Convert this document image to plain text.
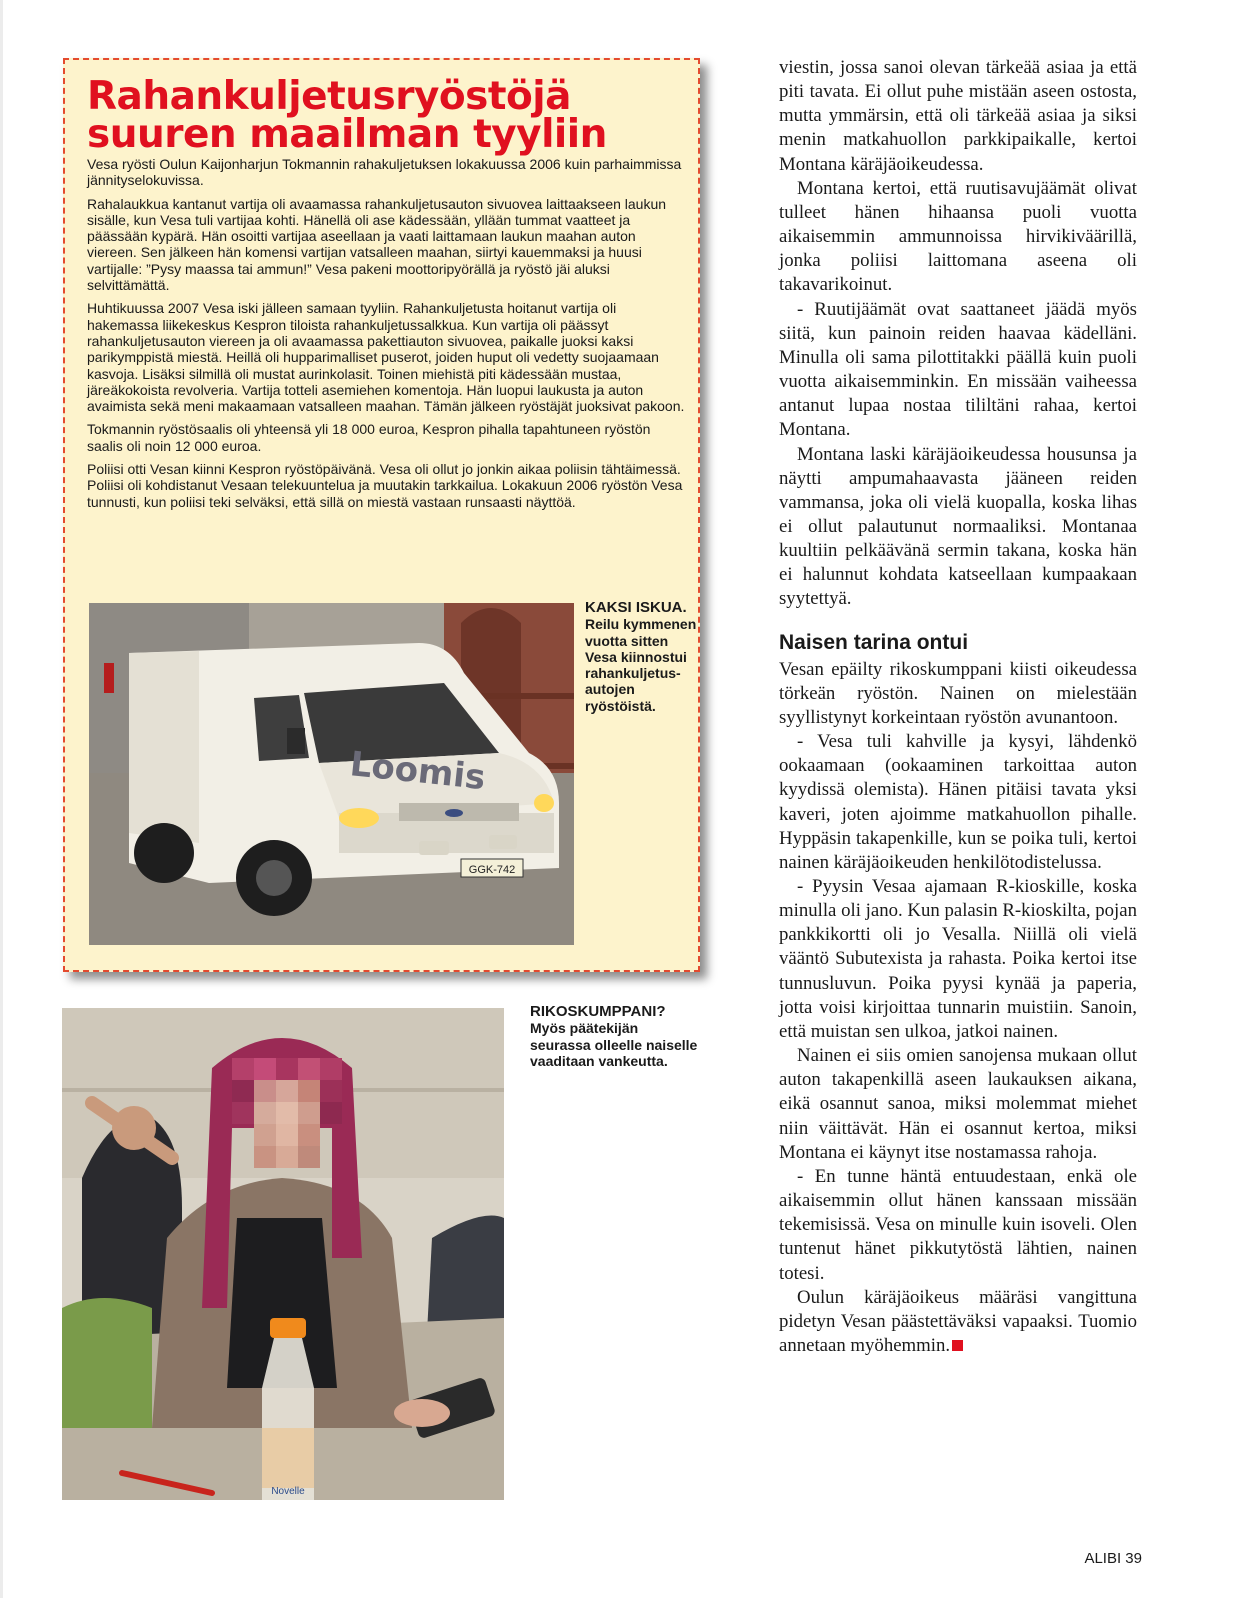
Rahankuljetusryöstöjä suuren maailman tyyliin

Vesa ryösti Oulun Kaijonharjun Tokmannin rahakuljetuksen lokakuussa 2006 kuin parhaimmissa jännityselokuvissa.

Rahalaukkua kantanut vartija oli avaamassa rahankuljetusauton sivuovea laittaakseen laukun sisälle, kun Vesa tuli vartijaa kohti. Hänellä oli ase kädessään, yllään tummat vaatteet ja päässään kypärä. Hän osoitti vartijaa aseellaan ja vaati laittamaan laukun maahan auton viereen. Sen jälkeen hän komensi vartijan vatsalleen maahan, siirtyi kauemmaksi ja huusi vartijalle: ”Pysy maassa tai ammun!” Vesa pakeni moottoripyörällä ja ryöstö jäi aluksi selvittämättä.

Huhtikuussa 2007 Vesa iski jälleen samaan tyyliin. Rahankuljetusta hoitanut vartija oli hakemassa liikekeskus Kespron tiloista rahankuljetussalkkua. Kun vartija oli päässyt rahankuljetusauton viereen ja oli avaamassa pakettiauton sivuovea, paikalle juoksi kaksi parikymppistä miestä. Heillä oli hupparimalliset puserot, joiden huput oli vedetty suojaamaan kasvoja. Lisäksi silmillä oli mustat aurinkolasit. Toinen miehistä piti kädessään mustaa, järeäkokoista revolveria. Vartija totteli asemiehen komentoja. Hän luopui laukusta ja auton avaimista sekä meni makaamaan vatsalleen maahan. Tämän jälkeen ryöstäjät juoksivat pakoon.

Tokmannin ryöstösaalis oli yhteensä yli 18 000 euroa, Kespron pihalla tapahtuneen ryöstön saalis oli noin 12 000 euroa.

Poliisi otti Vesan kiinni Kespron ryöstöpäivänä. Vesa oli ollut jo jonkin aikaa poliisin tähtäimessä. Poliisi oli kohdistanut Vesaan telekuuntelua ja muutakin tarkkailua. Lokakuun 2006 ryöstön Vesa tunnusti, kun poliisi teki selväksi, että sillä on miestä vastaan runsaasti näyttöä.

GGK-742
Loomis
KAKSI ISKUA.
Reilu kymmenen vuotta sitten Vesa kiinnostui rahankuljetusautojen ryöstöistä.
Novelle
RIKOSKUMPPANI?
Myös päätekijän seurassa olleelle naiselle vaaditaan vankeutta.

viestin, jossa sanoi olevan tärkeää asiaa ja että piti tavata. Ei ollut puhe mistään aseen ostosta, mutta ymmärsin, että oli tärkeää asiaa ja siksi menin matkahuollon parkkipaikalle, kertoi Montana käräjäoikeudessa.

Montana kertoi, että ruutisavujäämät olivat tulleet hänen hihaansa puoli vuotta aikaisemmin ammunnoissa hirvikiväärillä, jonka poliisi laittomana aseena oli takavarikoinut.

- Ruutijäämät ovat saattaneet jäädä myös siitä, kun painoin reiden haavaa kädelläni. Minulla oli sama pilottitakki päällä kuin puoli vuotta aikaisemminkin. En missään vaiheessa antanut lupaa nostaa tililtäni rahaa, kertoi Montana.

Montana laski käräjäoikeudessa housunsa ja näytti ampumahaavasta jääneen reiden vammansa, joka oli vielä kuopalla, koska lihas ei ollut palautunut normaaliksi. Montanaa kuultiin pelkäävänä sermin takana, koska hän ei halunnut kohdata katseellaan kumpaakaan syytettyä.

Naisen tarina ontui

Vesan epäilty rikoskumppani kiisti oikeudessa törkeän ryöstön. Nainen on mielestään syyllistynyt korkeintaan ryöstön avunantoon.

- Vesa tuli kahville ja kysyi, lähdenkö ookaamaan (ookaaminen tarkoittaa auton kyydissä olemista). Hänen pitäisi tavata yksi kaveri, joten ajoimme matkahuollon pihalle. Hyppäsin takapenkille, kun se poika tuli, kertoi nainen käräjäoikeuden henkilötodistelussa.

- Pyysin Vesaa ajamaan R-kioskille, koska minulla oli jano. Kun palasin R-kioskilta, pojan pankkikortti oli jo Vesalla. Niillä oli vielä vääntö Subutexista ja rahasta. Poika kertoi itse tunnusluvun. Poika pyysi kynää ja paperia, jotta voisi kirjoittaa tunnarin muistiin. Sanoin, että muistan sen ulkoa, jatkoi nainen.

Nainen ei siis omien sanojensa mukaan ollut auton takapenkillä aseen laukauksen aikana, eikä osannut sanoa, miksi molemmat miehet niin väittävät. Hän ei osannut kertoa, miksi Montana ei käynyt itse nostamassa rahoja.

- En tunne häntä entuudestaan, enkä ole aikaisemmin ollut hänen kanssaan missään tekemisissä. Vesa on minulle kuin isoveli. Olen tuntenut hänet pikkutytöstä lähtien, nainen totesi.

Oulun käräjäoikeus määräsi vangittuna pidetyn Vesan päästettäväksi vapaaksi. Tuomio annetaan myöhemmin.

ALIBI 39
